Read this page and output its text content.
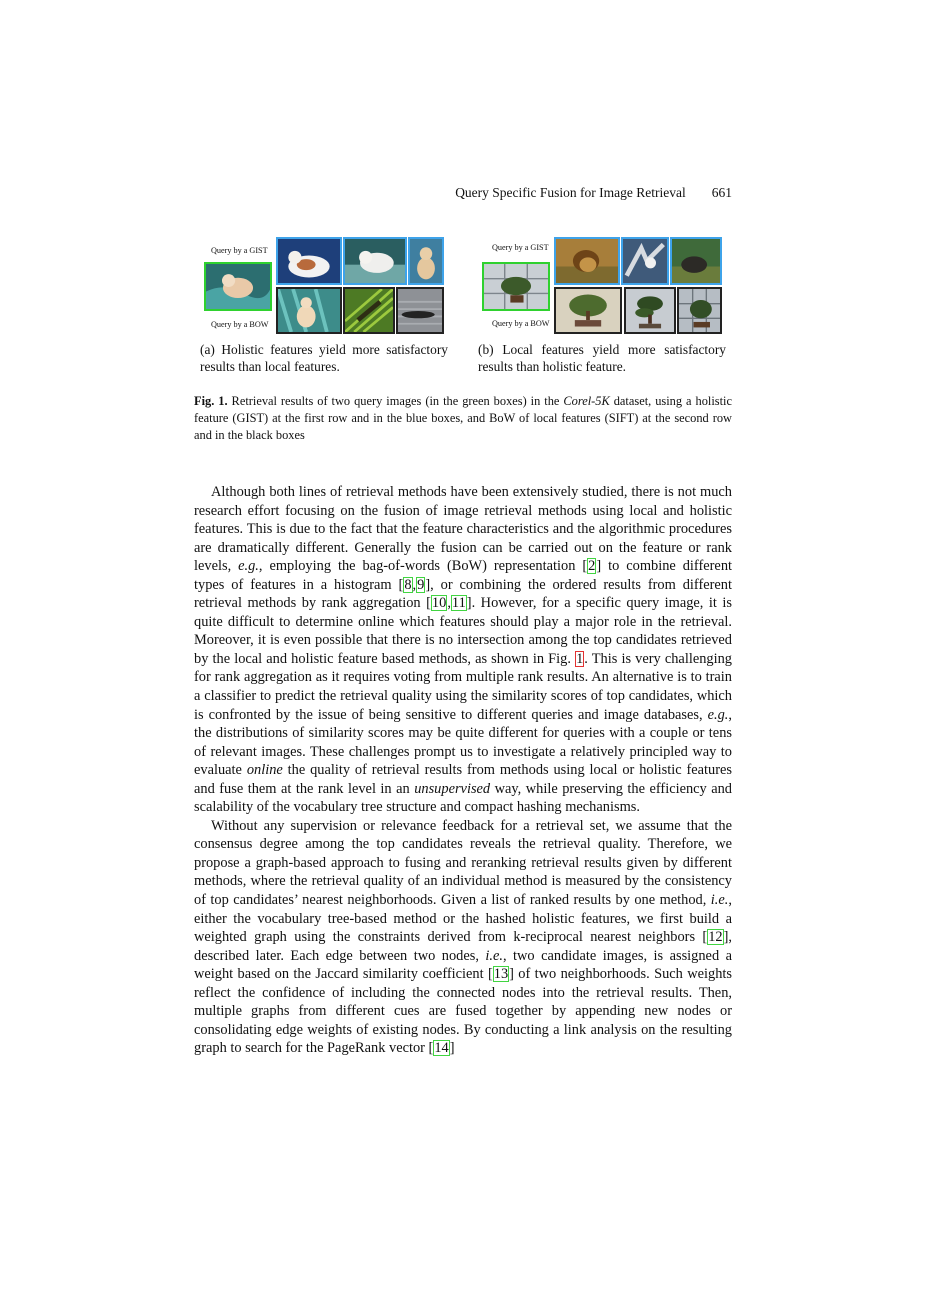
Query Specific Fusion for Image Retrieval 661
Query by a GIST
Query by a BOW
(a) Holistic features yield more satisfactory results than local features.
Query by a GIST
Query by a BOW
(b) Local features yield more satisfactory results than holistic feature.
Fig. 1. Retrieval results of two query images (in the green boxes) in the Corel-5K dataset, using a holistic feature (GIST) at the first row and in the blue boxes, and BoW of local features (SIFT) at the second row and in the black boxes

Although both lines of retrieval methods have been extensively studied, there is not much research effort focusing on the fusion of image retrieval methods using local and holistic features. This is due to the fact that the feature characteristics and the algorithmic procedures are dramatically different. Generally the fusion can be carried out on the feature or rank levels, e.g., employing the bag-of-words (BoW) representation [2] to combine different types of features in a histogram [8,9], or combining the ordered results from different retrieval methods by rank aggregation [10,11]. However, for a specific query image, it is quite difficult to determine online which features should play a major role in the retrieval. Moreover, it is even possible that there is no intersection among the top candidates retrieved by the local and holistic feature based methods, as shown in Fig. 1. This is very challenging for rank aggregation as it requires voting from multiple rank results. An alternative is to train a classifier to predict the retrieval quality using the similarity scores of top candidates, which is confronted by the issue of being sensitive to different queries and image databases, e.g., the distributions of similarity scores may be quite different for queries with a couple or tens of relevant images. These challenges prompt us to investigate a relatively principled way to evaluate online the quality of retrieval results from methods using local or holistic features and fuse them at the rank level in an unsupervised way, while preserving the efficiency and scalability of the vocabulary tree structure and compact hashing mechanisms.

Without any supervision or relevance feedback for a retrieval set, we assume that the consensus degree among the top candidates reveals the retrieval quality. Therefore, we propose a graph-based approach to fusing and reranking retrieval results given by different methods, where the retrieval quality of an individual method is measured by the consistency of top candidates’ nearest neighborhoods. Given a list of ranked results by one method, i.e., either the vocabulary tree-based method or the hashed holistic features, we first build a weighted graph using the constraints derived from k-reciprocal nearest neighbors [12], described later. Each edge between two nodes, i.e., two candidate images, is assigned a weight based on the Jaccard similarity coefficient [13] of two neighborhoods. Such weights reflect the confidence of including the connected nodes into the retrieval results. Then, multiple graphs from different cues are fused together by appending new nodes or consolidating edge weights of existing nodes. By conducting a link analysis on the resulting graph to search for the PageRank vector [14]
